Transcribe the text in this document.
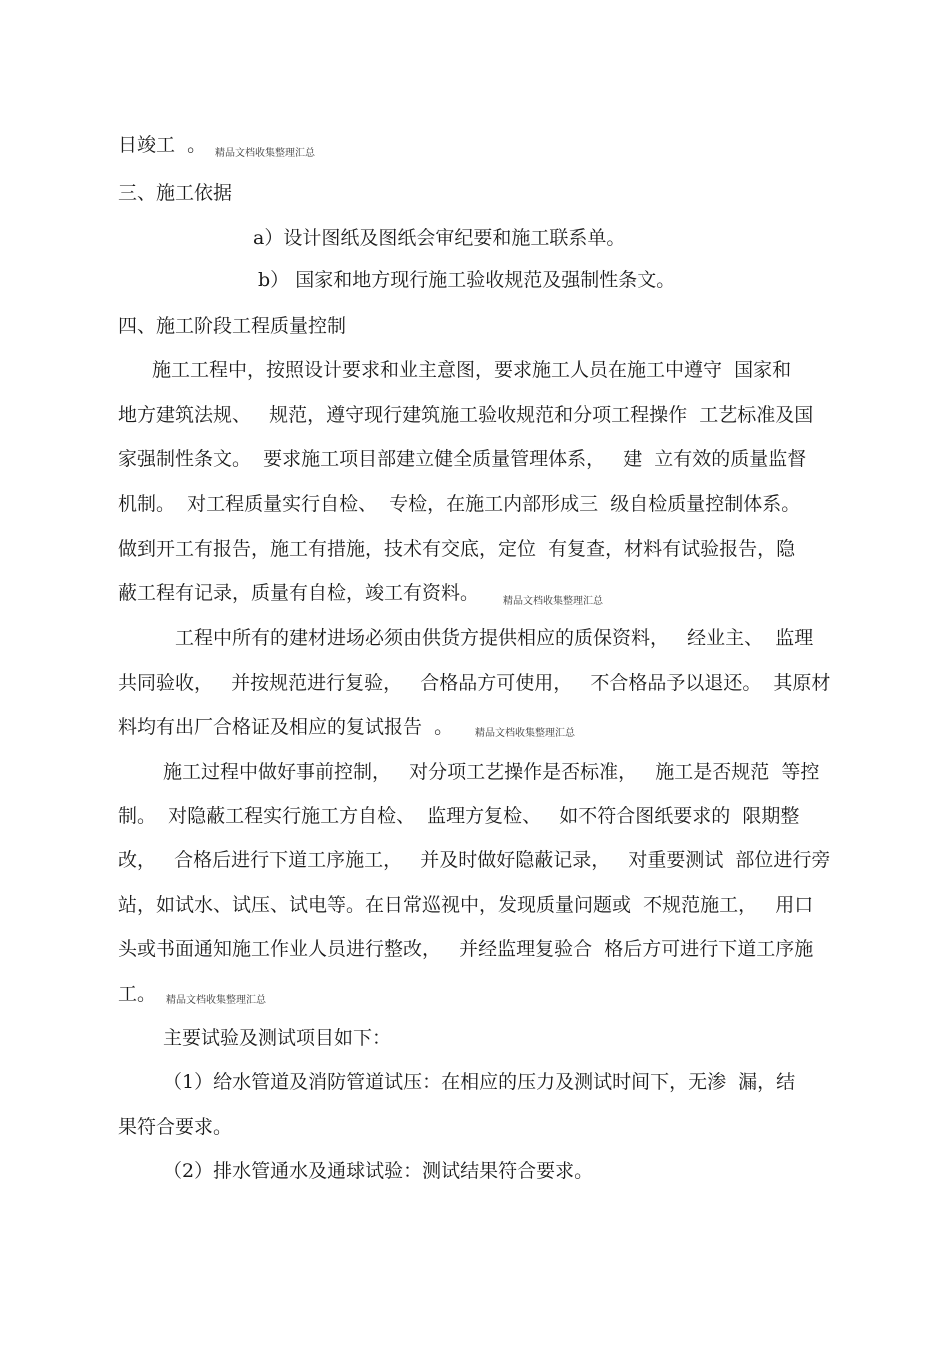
日竣工  。 精品文档收集整理汇总
三、施工依据
a）设计图纸及图纸会审纪要和施工联系单。
b） 国家和地方现行施工验收规范及强制性条文。
四、施工阶段工程质量控制
施工工程中，按照设计要求和业主意图，要求施工人员在施工中遵守  国家和
地方建筑法规、   规范，遵守现行建筑施工验收规范和分项工程操作  工艺标准及国
家强制性条文。  要求施工项目部建立健全质量管理体系，   建  立有效的质量监督
机制。  对工程质量实行自检、  专检，在施工内部形成三  级自检质量控制体系。
做到开工有报告，施工有措施，技术有交底，定位  有复查，材料有试验报告，隐
蔽工程有记录，质量有自检，竣工有资料。 精品文档收集整理汇总
工程中所有的建材进场必须由供货方提供相应的质保资料，   经业主、  监理
共同验收，   并按规范进行复验，   合格品方可使用，   不合格品予以退还。  其原材
料均有出厂合格证及相应的复试报告  。 精品文档收集整理汇总
施工过程中做好事前控制，   对分项工艺操作是否标准，   施工是否规范  等控
制。  对隐蔽工程实行施工方自检、  监理方复检、   如不符合图纸要求的  限期整
改，   合格后进行下道工序施工，   并及时做好隐蔽记录，   对重要测试  部位进行旁
站，如试水、试压、试电等。在日常巡视中，发现质量问题或  不规范施工，   用口
头或书面通知施工作业人员进行整改，   并经监理复验合  格后方可进行下道工序施
工。 精品文档收集整理汇总
主要试验及测试项目如下：
（1）给水管道及消防管道试压：在相应的压力及测试时间下，无渗  漏，结
果符合要求。
（2）排水管通水及通球试验：测试结果符合要求。
